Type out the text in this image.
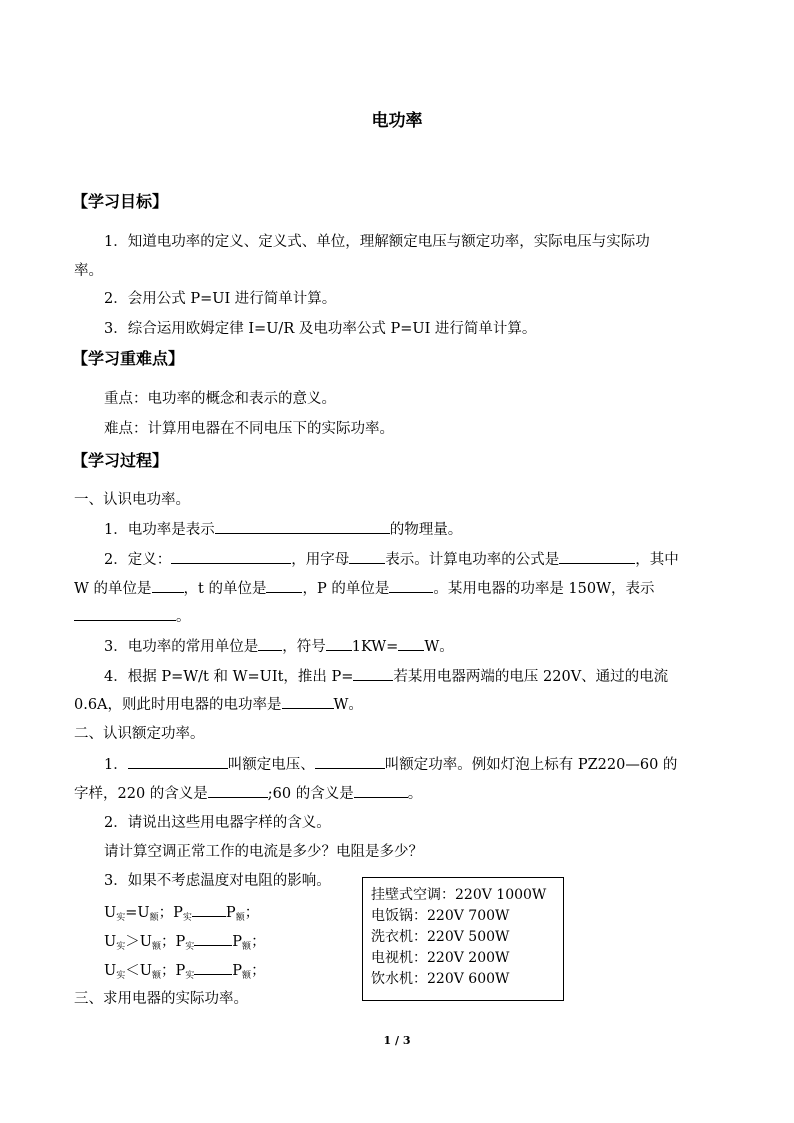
电功率
【学习目标】
1．知道电功率的定义、定义式、单位，理解额定电压与额定功率，实际电压与实际功
率。
2．会用公式 P=UI 进行简单计算。
3．综合运用欧姆定律 I=U/R 及电功率公式 P=UI 进行简单计算。
【学习重难点】
重点：电功率的概念和表示的意义。
难点：计算用电器在不同电压下的实际功率。
【学习过程】
一、认识电功率。
1．电功率是表示	的物理量。
2．定义：	，用字母 表示。计算电功率的公式是	，其中
W 的单位是 ，t 的单位是 ，P 的单位是	。某用电器的功率是 150W，表示
。
3．电功率的常用单位是 ，符号 1KW= W。
4．根据 P=W/t 和 W=UIt，推出 P=	若某用电器两端的电压 220V、通过的电流
0.6A，则此时用电器的电功率是	W。
二、认识额定功率。
1．	叫额定电压、	叫额定功率。例如灯泡上标有 PZ220—60 的
字样，220 的含义是	;60 的含义是	。
2．请说出这些用电器字样的含义。
请计算空调正常工作的电流是多少？电阻是多少？
3．如果不考虑温度对电阻的影响。
$U_实=U_额$；$P_实$ $P_额$；
$U_实>U_额$；$P_实$	$P_额$；
$U_实<U_额$；$P_实$	$P_额$；
挂壁式空调：220V 1000W
电饭锅：220V 700W
洗衣机：220V 500W
电视机：220V 200W
饮水机：220V 600W
三、求用电器的实际功率。
1 / 3
